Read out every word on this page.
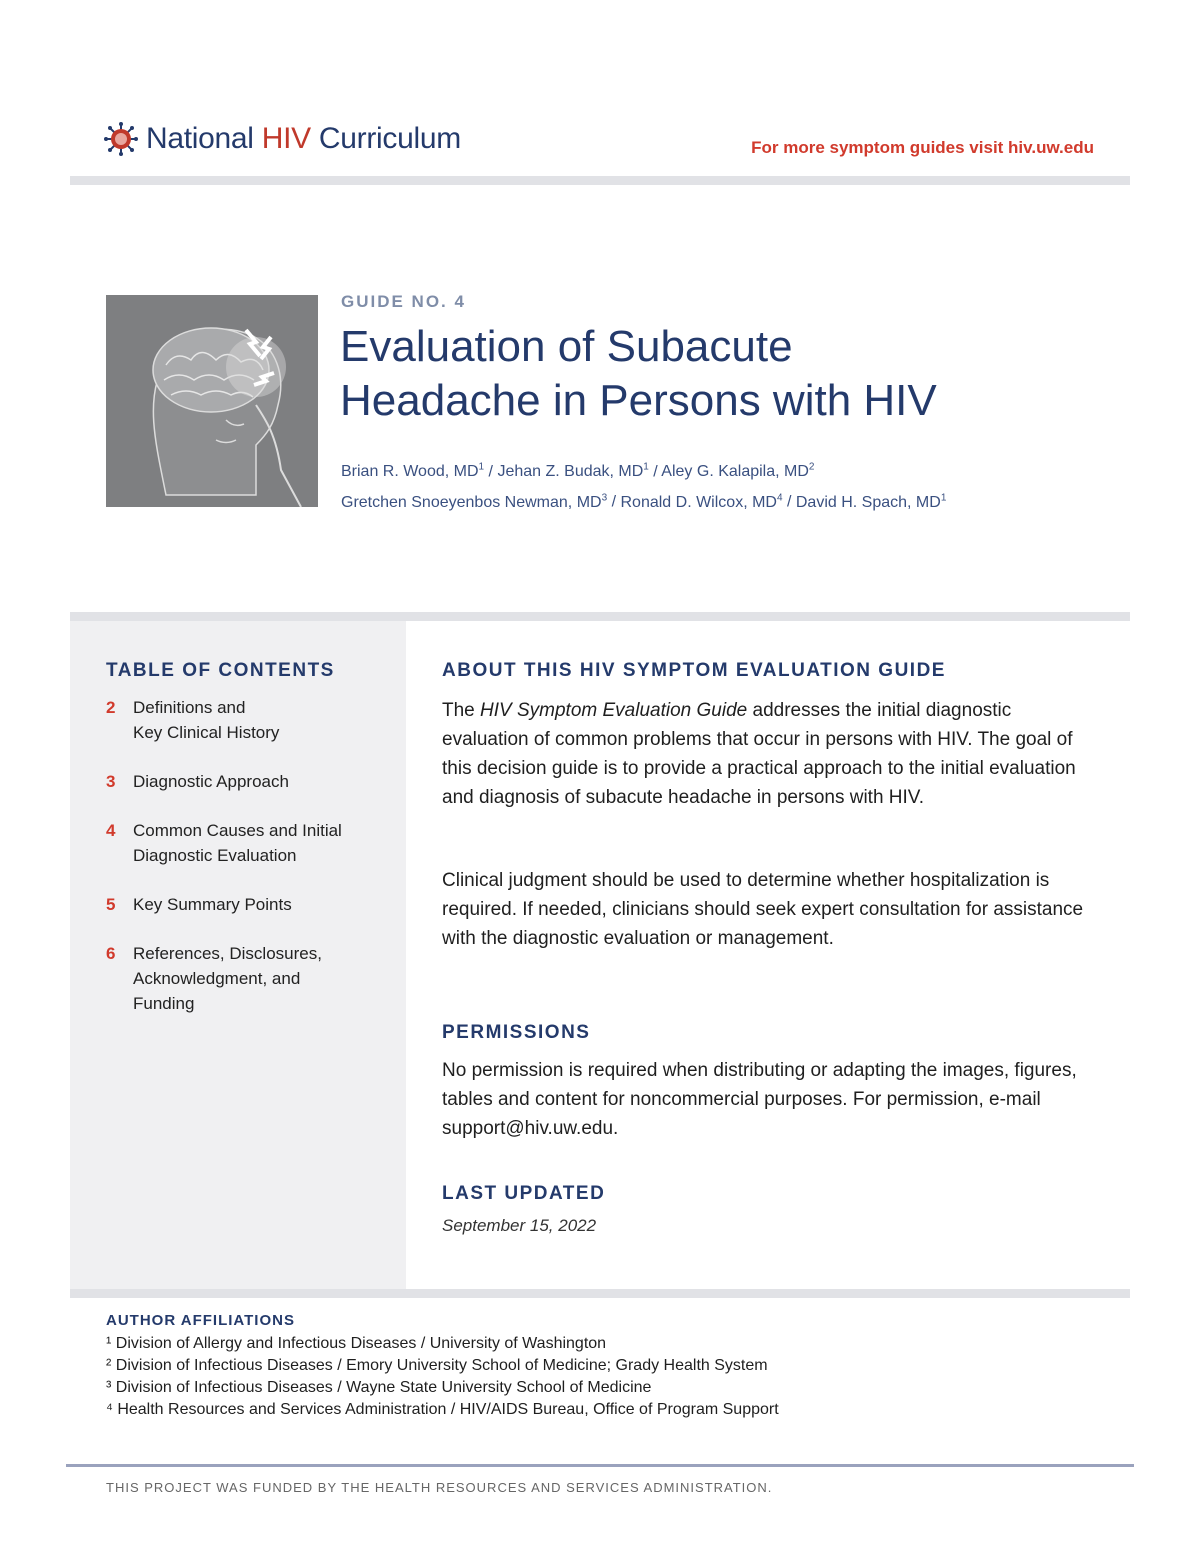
National HIV Curriculum	For more symptom guides visit hiv.uw.edu
GUIDE NO. 4
Evaluation of Subacute
Headache in Persons with HIV
Brian R. Wood, $MD^1$ / Jehan Z. Budak, $MD^1$ / Aley G. Kalapila, $MD^2$
Gretchen Snoeyenbos Newman, $MD^3$ / Ronald D. Wilcox, $MD^4$ / David H. Spach, $MD^1$
TABLE OF CONTENTS
2	Definitions and
Key Clinical History
3	Diagnostic Approach
4	Common Causes and Initial
Diagnostic Evaluation
5	Key Summary Points
6	References, Disclosures,
Acknowledgment, and
Funding
ABOUT THIS HIV SYMPTOM EVALUATION GUIDE
The HIV Symptom Evaluation Guide addresses the initial diagnostic evaluation of common problems that occur in persons with HIV. The goal of this decision guide is to provide a practical approach to the initial evaluation and diagnosis of subacute headache in persons with HIV.
Clinical judgment should be used to determine whether hospitalization is required. If needed, clinicians should seek expert consultation for assistance with the diagnostic evaluation or management.
PERMISSIONS
No permission is required when distributing or adapting the images, figures, tables and content for noncommercial purposes. For permission, e-mail support@hiv.uw.edu.
LAST UPDATED
September 15, 2022
AUTHOR AFFILIATIONS
¹ Division of Allergy and Infectious Diseases / University of Washington
² Division of Infectious Diseases / Emory University School of Medicine; Grady Health System
³ Division of Infectious Diseases / Wayne State University School of Medicine
⁴ Health Resources and Services Administration / HIV/AIDS Bureau, Office of Program Support
THIS PROJECT WAS FUNDED BY THE HEALTH RESOURCES AND SERVICES ADMINISTRATION.
